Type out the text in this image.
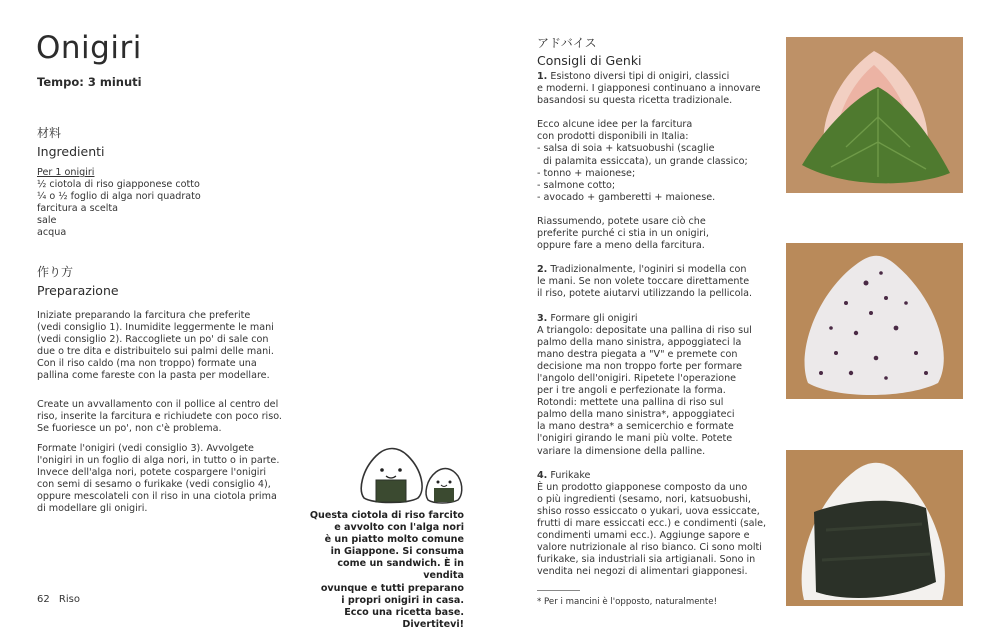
Onigiri
Tempo: 3 minuti
材料
Ingredienti
Per 1 onigiri
½ ciotola di riso giapponese cotto
¼ o ½ foglio di alga nori quadrato
farcitura a scelta
sale
acqua
作り方
Preparazione

Iniziate preparando la farcitura che preferite
(vedi consiglio 1). Inumidite leggermente le mani
(vedi consiglio 2). Raccogliete un po' di sale con
due o tre dita e distribuitelo sui palmi delle mani.
Con il riso caldo (ma non troppo) formate una
pallina come fareste con la pasta per modellare.

Create un avvallamento con il pollice al centro del
riso, inserite la farcitura e richiudete con poco riso.
Se fuoriesce un po', non c'è problema.
Formate l'onigiri (vedi consiglio 3). Avvolgete
l'onigiri in un foglio di alga nori, in tutto o in parte.
Invece dell'alga nori, potete cospargere l'onigiri
con semi di sesamo o furikake (vedi consiglio 4),
oppure mescolateli con il riso in una ciotola prima
di modellare gli onigiri.
Questa ciotola di riso farcito
e avvolto con l'alga nori
è un piatto molto comune
in Giappone. Si consuma
come un sandwich. È in vendita
ovunque e tutti preparano
i propri onigiri in casa.
Ecco una ricetta base. Divertitevi!
62 Riso
アドバイス
Consigli di Genki
1. Esistono diversi tipi di onigiri, classici
e moderni. I giapponesi continuano a innovare
basandosi su questa ricetta tradizionale.
Ecco alcune idee per la farcitura
con prodotti disponibili in Italia:
- salsa di soia + katsuobushi (scaglie
di palamita essiccata), un grande classico;
- tonno + maionese;
- salmone cotto;
- avocado + gamberetti + maionese.
Riassumendo, potete usare ciò che
preferite purché ci stia in un onigiri,
oppure fare a meno della farcitura.
2. Tradizionalmente, l'oginiri si modella con
le mani. Se non volete toccare direttamente
il riso, potete aiutarvi utilizzando la pellicola.
3. Formare gli onigiri
A triangolo: depositate una pallina di riso sul
palmo della mano sinistra, appoggiateci la
mano destra piegata a "V" e premete con
decisione ma non troppo forte per formare
l'angolo dell'onigiri. Ripetete l'operazione
per i tre angoli e perfezionate la forma.
Rotondi: mettete una pallina di riso sul
palmo della mano sinistra*, appoggiateci
la mano destra* a semicerchio e formate
l'onigiri girando le mani più volte. Potete
variare la dimensione della palline.
4. Furikake
È un prodotto giapponese composto da uno
o più ingredienti (sesamo, nori, katsuobushi,
shiso rosso essiccato o yukari, uova essiccate,
frutti di mare essiccati ecc.) e condimenti (sale,
condimenti umami ecc.). Aggiunge sapore e
valore nutrizionale al riso bianco. Ci sono molti
furikake, sia industriali sia artigianali. Sono in
vendita nei negozi di alimentari giapponesi.
* Per i mancini è l'opposto, naturalmente!
